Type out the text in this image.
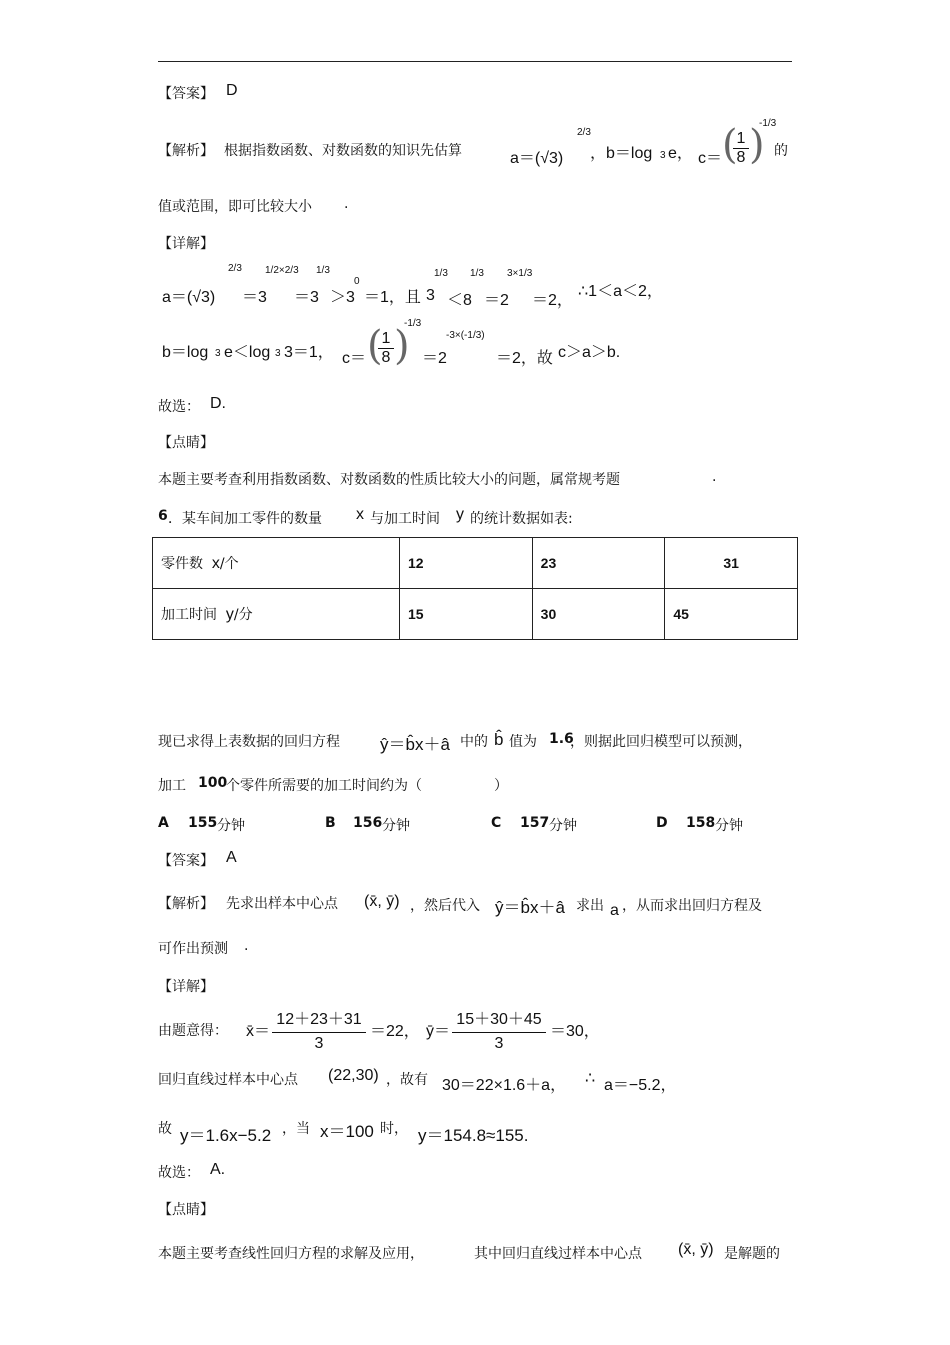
【答案】 D
【解析】 根据指数函数、对数函数的知识先估算	a＝(√3)
2/3
，b＝log 3 e， c＝ (
$\frac{1}{8}$ )
-1/3
的
值或范围，即可比较大小 .
【详解】
a＝(√3)
2/3
＝3
1/2×2/3
＝3
1/3
＞3
0
＝1，且 3
1/3
＜8
1/3
＝2
3×1/3
＝2，
∴1＜a＜2，
b＝log 3 e＜log 3 3＝1， c＝ (
$\frac{1}{8}$ )
-1/3
＝2
-3×(-1/3)
＝2，故 c＞a＞b.
故选： D.
【点睛】
本题主要考查利用指数函数、对数函数的性质比较大小的问题，属常规考题	.
6 ．某车间加工零件的数量 x 与加工时间 y 的统计数据如表:
零件数 x/个	12	23	31
加工时间 y/分	15	30	45
现已求得上表数据的回归方程 ŷ＝b̂x＋â 中的 b̂ 值为 1.6
，则据此回归模型可以预测，
加工 100
个零件所需要的加工时间约为（	）
A 155 分钟	B 156 分钟	C 157 分钟	D 158 分钟
【答案】 A
【解析】 先求出样本中心点 (x̄, ȳ) ，然后代入 ŷ＝b̂x＋â 求出 a ，从而求出回归方程及
可作出预测 .
【详解】
由题意得： x̄＝ $\frac{12+23+31}{3} =22$， ȳ＝ $\frac{15+30+45}{3} =30$，
回归直线过样本中心点 (22,30) ，故有 30＝22×1.6＋a， ∴ a＝−5.2，
故 y＝1.6x−5.2 ，当 x＝100 时， y＝154.8≈155.
故选： A.
【点睛】
本题主要考查线性回归方程的求解及应用，	其中回归直线过样本中心点 (x̄, ȳ) 是解题的
